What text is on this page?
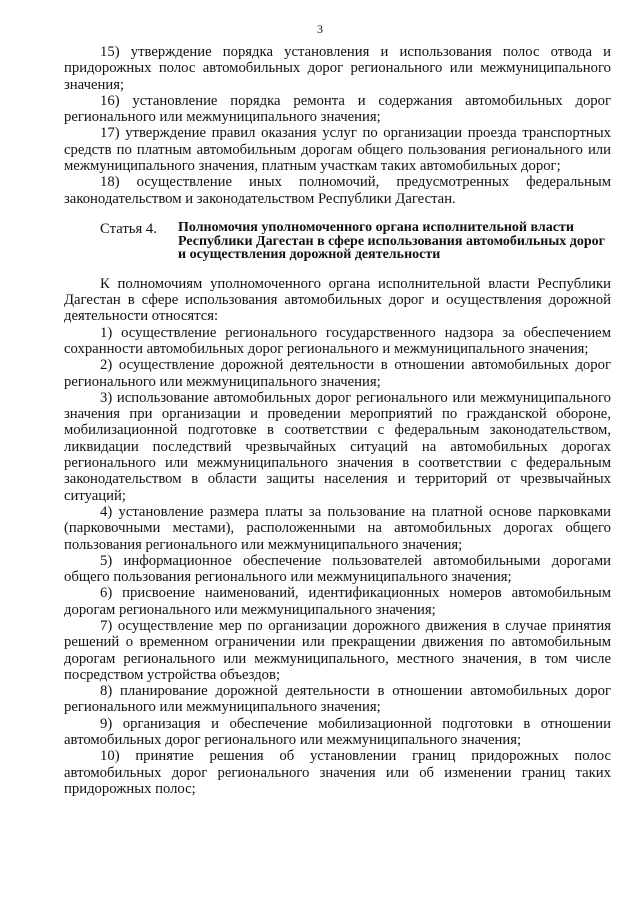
3

15) утверждение порядка установления и использования полос отвода и придорожных полос автомобильных дорог регионального или межмуниципального значения;

16) установление порядка ремонта и содержания автомобильных дорог регионального или межмуниципального значения;

17) утверждение правил оказания услуг по организации проезда транспортных средств по платным автомобильным дорогам общего пользования регионального или межмуниципального значения, платным участкам таких автомобильных дорог;

18) осуществление иных полномочий, предусмотренных федеральным законодательством и законодательством Республики Дагестан.

Статья 4.	Полномочия уполномоченного органа исполнительной власти Республики Дагестан в сфере использования автомобильных дорог и осуществления дорожной деятельности

К полномочиям уполномоченного органа исполнительной власти Республики Дагестан в сфере использования автомобильных дорог и осуществления дорожной деятельности относятся:

1) осуществление регионального государственного надзора за обеспечением сохранности автомобильных дорог регионального и межмуниципального значения;

2) осуществление дорожной деятельности в отношении автомобильных дорог регионального или межмуниципального значения;

3) использование автомобильных дорог регионального или межмуниципального значения при организации и проведении мероприятий по гражданской обороне, мобилизационной подготовке в соответствии с федеральным законодательством, ликвидации последствий чрезвычайных ситуаций на автомобильных дорогах регионального или межмуниципального значения в соответствии с федеральным законодательством в области защиты населения и территорий от чрезвычайных ситуаций;

4) установление размера платы за пользование на платной основе парковками (парковочными местами), расположенными на автомобильных дорогах общего пользования регионального или межмуниципального значения;

5) информационное обеспечение пользователей автомобильными дорогами общего пользования регионального или межмуниципального значения;

6) присвоение наименований, идентификационных номеров автомобильным дорогам регионального или межмуниципального значения;

7) осуществление мер по организации дорожного движения в случае принятия решений о временном ограничении или прекращении движения по автомобильным дорогам регионального или межмуниципального, местного значения, в том числе посредством устройства объездов;

8) планирование дорожной деятельности в отношении автомобильных дорог регионального или межмуниципального значения;

9) организация и обеспечение мобилизационной подготовки в отношении автомобильных дорог регионального или межмуниципального значения;

10) принятие решения об установлении границ придорожных полос автомобильных дорог регионального значения или об изменении границ таких придорожных полос;
